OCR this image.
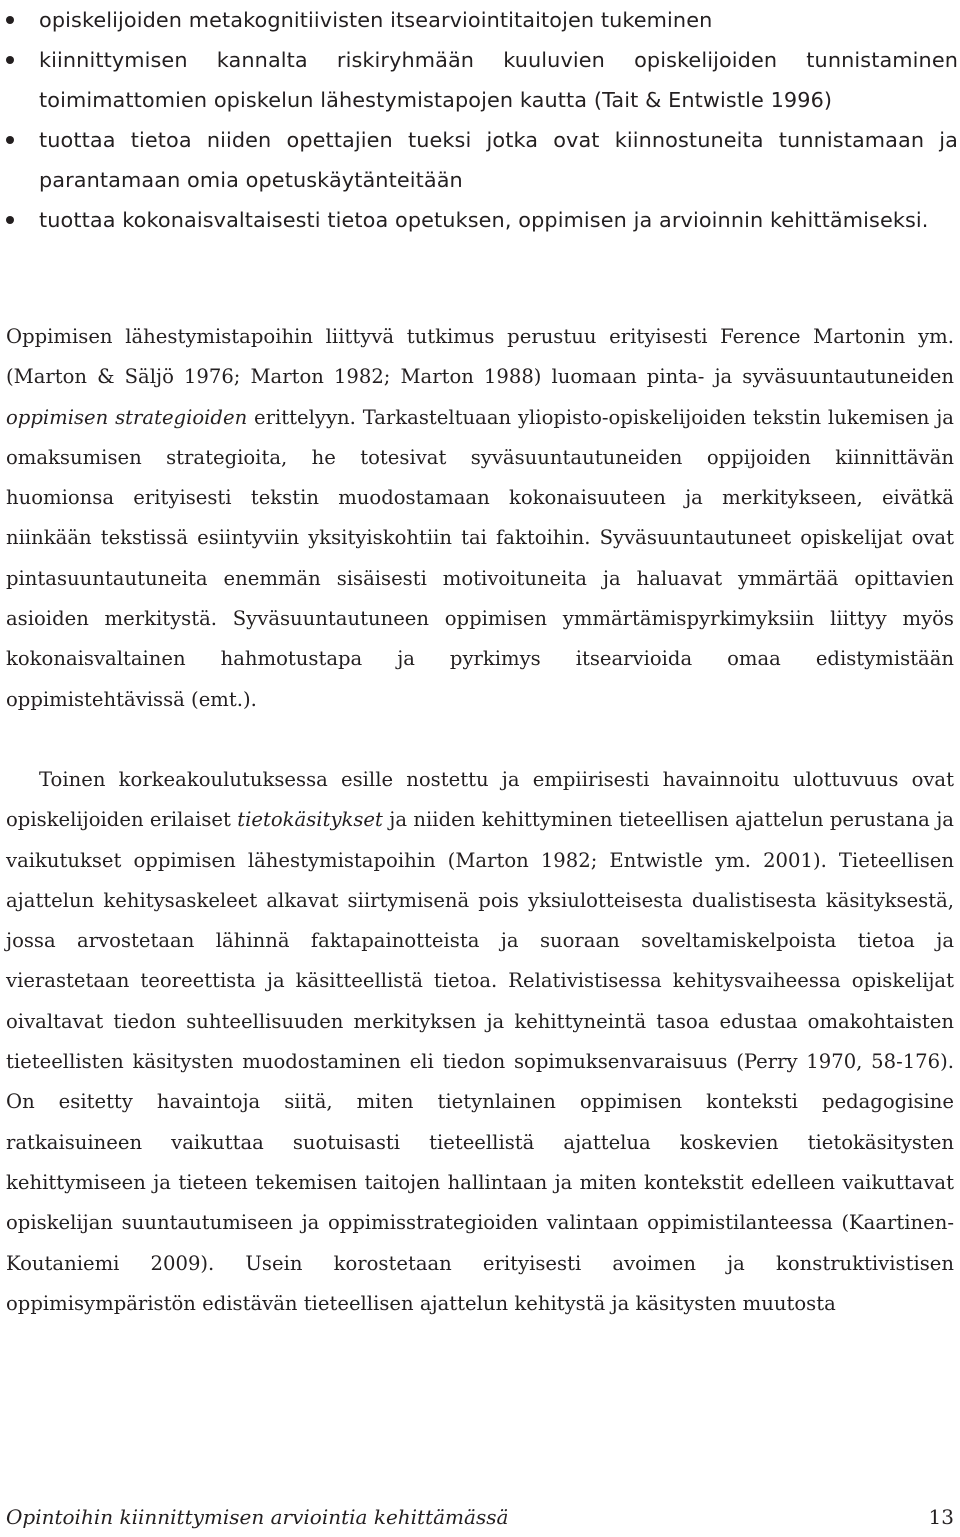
opiskelijoiden metakognitiivisten itsearviointitaitojen tukeminen
kiinnittymisen kannalta riskiryhmään kuuluvien opiskelijoiden tunnistaminen toimimattomien opiskelun lähestymistapojen kautta (Tait & Entwistle 1996)
tuottaa tietoa niiden opettajien tueksi jotka ovat kiinnostuneita tunnistamaan ja parantamaan omia opetuskäytänteitään
tuottaa kokonaisvaltaisesti tietoa opetuksen, oppimisen ja arvioinnin kehittämiseksi.

Oppimisen lähestymistapoihin liittyvä tutkimus perustuu erityisesti Ference Martonin ym. (Marton & Säljö 1976; Marton 1982; Marton 1988) luomaan pinta- ja syväsuuntautuneiden oppimisen strategioiden erittelyyn. Tarkasteltuaan yliopisto-opiskelijoiden tekstin lukemisen ja omaksumisen strategioita, he totesivat syväsuuntautuneiden oppijoiden kiinnittävän huomionsa erityisesti tekstin muodostamaan kokonaisuuteen ja merkitykseen, eivätkä niinkään tekstissä esiintyviin yksityiskohtiin tai faktoihin. Syväsuuntautuneet opiskelijat ovat pintasuuntautuneita enemmän sisäisesti motivoituneita ja haluavat ymmärtää opittavien asioiden merkitystä. Syväsuuntautuneen oppimisen ymmärtämispyrkimyksiin liittyy myös kokonaisvaltainen hahmotustapa ja pyrkimys itsearvioida omaa edistymistään oppimistehtävissä (emt.).

Toinen korkeakoulutuksessa esille nostettu ja empiirisesti havainnoitu ulottuvuus ovat opiskelijoiden erilaiset tietokäsitykset ja niiden kehittyminen tieteellisen ajattelun perustana ja vaikutukset oppimisen lähestymistapoihin (Marton 1982; Entwistle ym. 2001). Tieteellisen ajattelun kehitysaskeleet alkavat siirtymisenä pois yksiulotteisesta dualistisesta käsityksestä, jossa arvostetaan lähinnä faktapainotteista ja suoraan soveltamiskelpoista tietoa ja vierastetaan teoreettista ja käsitteellistä tietoa. Relativistisessa kehitysvaiheessa opiskelijat oivaltavat tiedon suhteellisuuden merkityksen ja kehittyneintä tasoa edustaa omakohtaisten tieteellisten käsitysten muodostaminen eli tiedon sopimuksenvaraisuus (Perry 1970, 58-176). On esitetty havaintoja siitä, miten tietynlainen oppimisen konteksti pedagogisine ratkaisuineen vaikuttaa suotuisasti tieteellistä ajattelua koskevien tietokäsitysten kehittymiseen ja tieteen tekemisen taitojen hallintaan ja miten kontekstit edelleen vaikuttavat opiskelijan suuntautumiseen ja oppimisstrategioiden valintaan oppimistilanteessa (Kaartinen-Koutaniemi 2009). Usein korostetaan erityisesti avoimen ja konstruktivistisen oppimisympäristön edistävän tieteellisen ajattelun kehitystä ja käsitysten muutosta

Opintoihin kiinnittymisen arviointia kehittämässä	13
